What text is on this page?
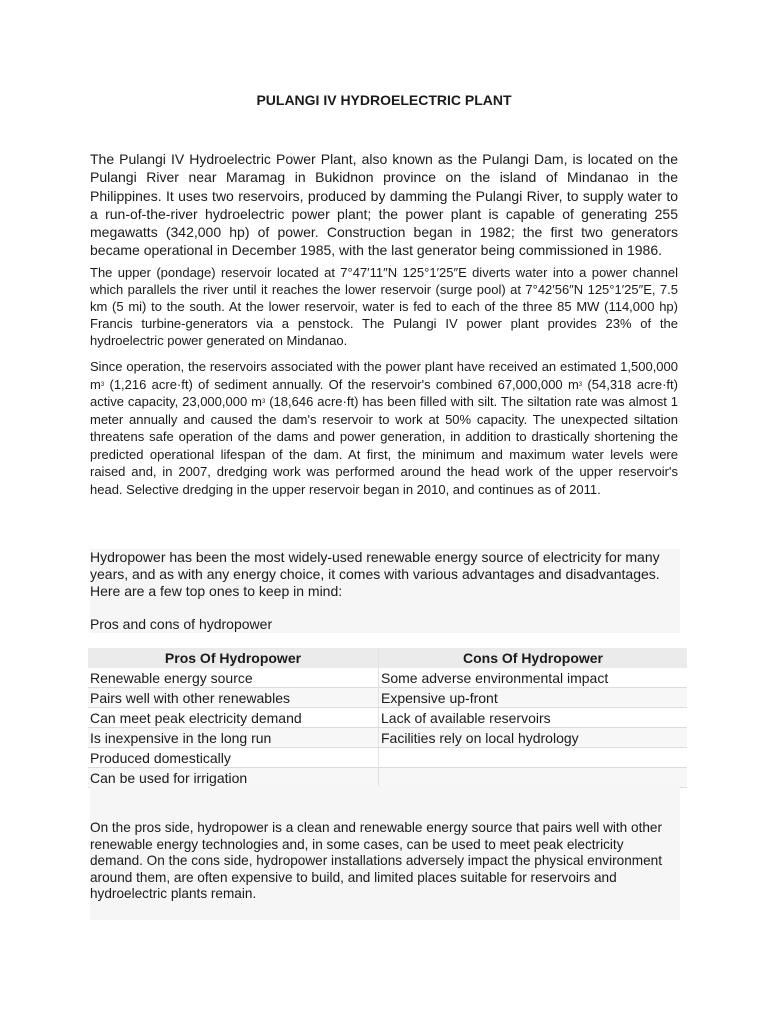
PULANGI IV HYDROELECTRIC PLANT

The Pulangi IV Hydroelectric Power Plant, also known as the Pulangi Dam, is located on the Pulangi River near Maramag in Bukidnon province on the island of Mindanao in the Philippines. It uses two reservoirs, produced by damming the Pulangi River, to supply water to a run-of-the-river hydroelectric power plant; the power plant is capable of generating 255 megawatts (342,000 hp) of power. Construction began in 1982; the first two generators became operational in December 1985, with the last generator being commissioned in 1986.

The upper (pondage) reservoir located at 7°47′11″N 125°1′25″E diverts water into a power channel which parallels the river until it reaches the lower reservoir (surge pool) at 7°42′56″N 125°1′25″E, 7.5 km (5 mi) to the south. At the lower reservoir, water is fed to each of the three 85 MW (114,000 hp) Francis turbine-generators via a penstock. The Pulangi IV power plant provides 23% of the hydroelectric power generated on Mindanao.

Since operation, the reservoirs associated with the power plant have received an estimated 1,500,000 $m^3$ (1,216 acre·ft) of sediment annually. Of the reservoir's combined 67,000,000 $m^3$ (54,318 acre·ft) active capacity, 23,000,000 $m^3$ (18,646 acre·ft) has been filled with silt. The siltation rate was almost 1 meter annually and caused the dam's reservoir to work at 50% capacity. The unexpected siltation threatens safe operation of the dams and power generation, in addition to drastically shortening the predicted operational lifespan of the dam. At first, the minimum and maximum water levels were raised and, in 2007, dredging work was performed around the head work of the upper reservoir's head. Selective dredging in the upper reservoir began in 2010, and continues as of 2011.

Hydropower has been the most widely-used renewable energy source of electricity for many years, and as with any energy choice, it comes with various advantages and disadvantages. Here are a few top ones to keep in mind:

Pros and cons of hydropower

Pros Of Hydropower	Cons Of Hydropower
Renewable energy source	Some adverse environmental impact
Pairs well with other renewables	Expensive up-front
Can meet peak electricity demand	Lack of available reservoirs
Is inexpensive in the long run	Facilities rely on local hydrology
Produced domestically	
Can be used for irrigation	

On the pros side, hydropower is a clean and renewable energy source that pairs well with other renewable energy technologies and, in some cases, can be used to meet peak electricity demand. On the cons side, hydropower installations adversely impact the physical environment around them, are often expensive to build, and limited places suitable for reservoirs and hydroelectric plants remain.
